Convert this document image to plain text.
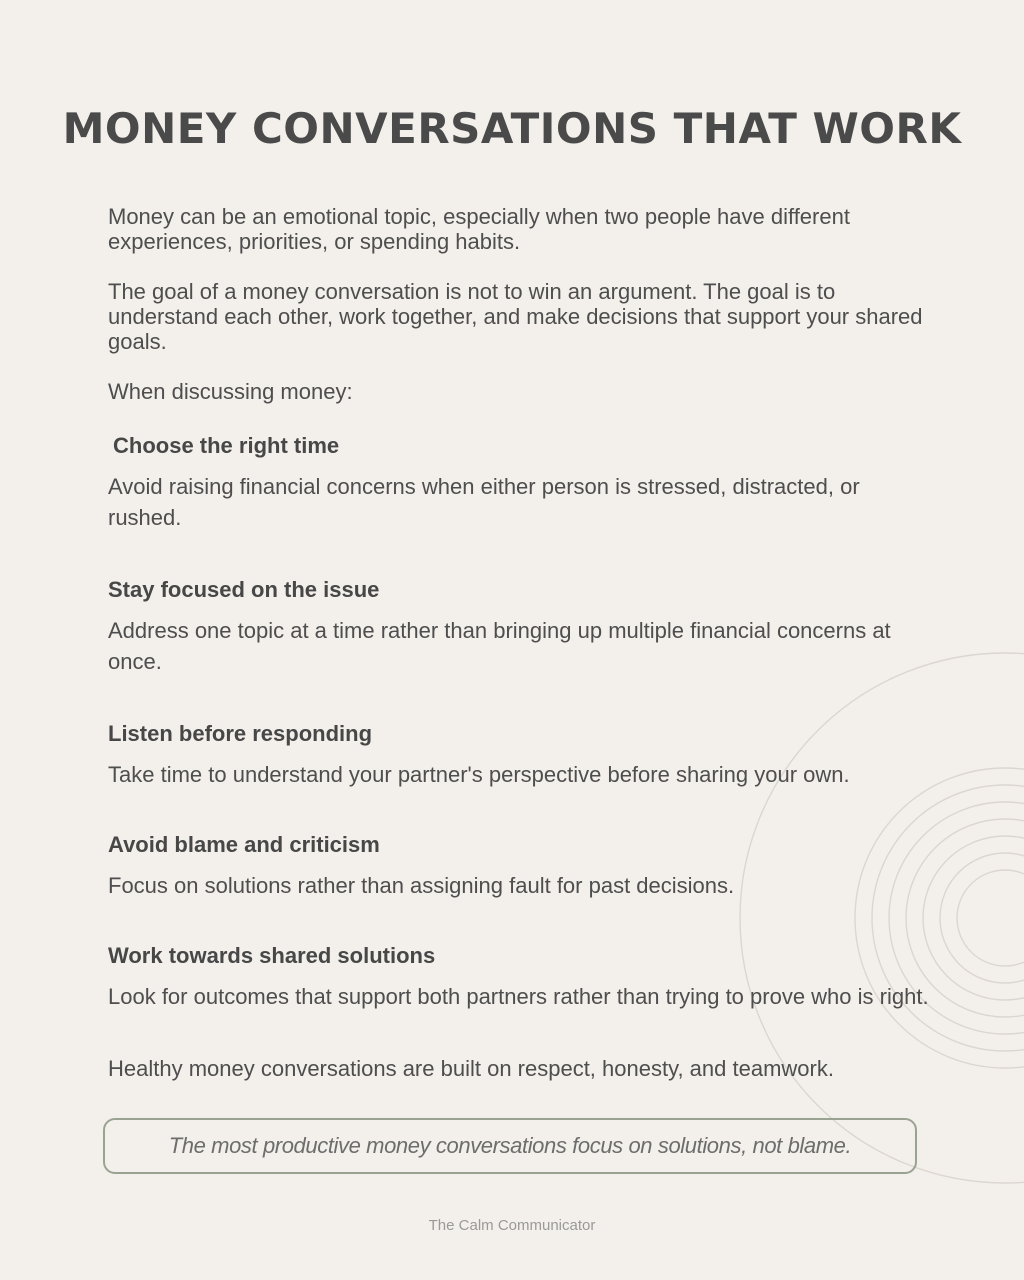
MONEY CONVERSATIONS THAT WORK

Money can be an emotional topic, especially when two people have different experiences, priorities, or spending habits.

The goal of a money conversation is not to win an argument. The goal is to understand each other, work together, and make decisions that support your shared goals.

When discussing money:

Choose the right time

Avoid raising financial concerns when either person is stressed, distracted, or rushed.

Stay focused on the issue

Address one topic at a time rather than bringing up multiple financial concerns at once.

Listen before responding

Take time to understand your partner's perspective before sharing your own.

Avoid blame and criticism

Focus on solutions rather than assigning fault for past decisions.

Work towards shared solutions

Look for outcomes that support both partners rather than trying to prove who is right.

Healthy money conversations are built on respect, honesty, and teamwork.

The most productive money conversations focus on solutions, not blame.
The Calm Communicator
